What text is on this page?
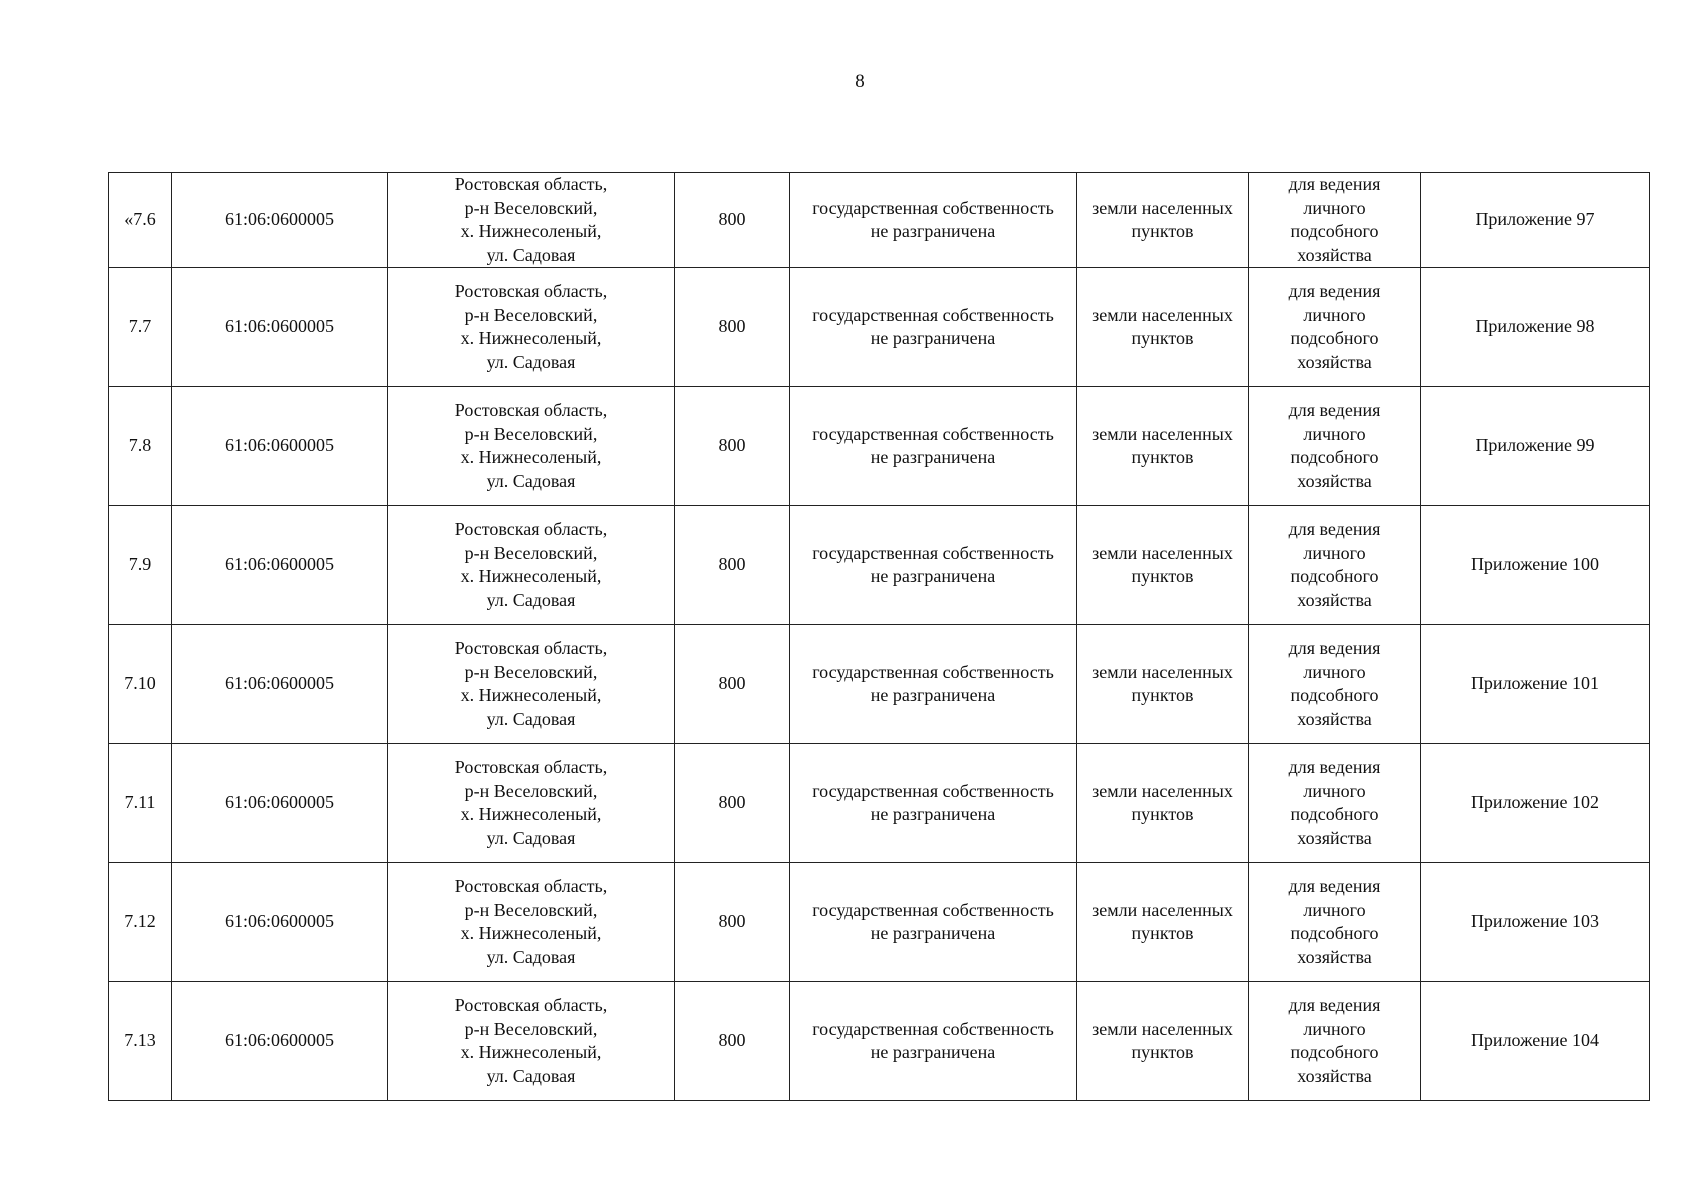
8
«7.6	61:06:0600005	Ростовская область,
р-н Веселовский,
х. Нижнесоленый,
ул. Садовая	800	государственная собственность
не разграничена	земли населенных
пунктов	для ведения
личного
подсобного
хозяйства	Приложение 97
7.7	61:06:0600005	Ростовская область,
р-н Веселовский,
х. Нижнесоленый,
ул. Садовая	800	государственная собственность
не разграничена	земли населенных
пунктов	для ведения
личного
подсобного
хозяйства	Приложение 98
7.8	61:06:0600005	Ростовская область,
р-н Веселовский,
х. Нижнесоленый,
ул. Садовая	800	государственная собственность
не разграничена	земли населенных
пунктов	для ведения
личного
подсобного
хозяйства	Приложение 99
7.9	61:06:0600005	Ростовская область,
р-н Веселовский,
х. Нижнесоленый,
ул. Садовая	800	государственная собственность
не разграничена	земли населенных
пунктов	для ведения
личного
подсобного
хозяйства	Приложение 100
7.10	61:06:0600005	Ростовская область,
р-н Веселовский,
х. Нижнесоленый,
ул. Садовая	800	государственная собственность
не разграничена	земли населенных
пунктов	для ведения
личного
подсобного
хозяйства	Приложение 101
7.11	61:06:0600005	Ростовская область,
р-н Веселовский,
х. Нижнесоленый,
ул. Садовая	800	государственная собственность
не разграничена	земли населенных
пунктов	для ведения
личного
подсобного
хозяйства	Приложение 102
7.12	61:06:0600005	Ростовская область,
р-н Веселовский,
х. Нижнесоленый,
ул. Садовая	800	государственная собственность
не разграничена	земли населенных
пунктов	для ведения
личного
подсобного
хозяйства	Приложение 103
7.13	61:06:0600005	Ростовская область,
р-н Веселовский,
х. Нижнесоленый,
ул. Садовая	800	государственная собственность
не разграничена	земли населенных
пунктов	для ведения
личного
подсобного
хозяйства	Приложение 104
